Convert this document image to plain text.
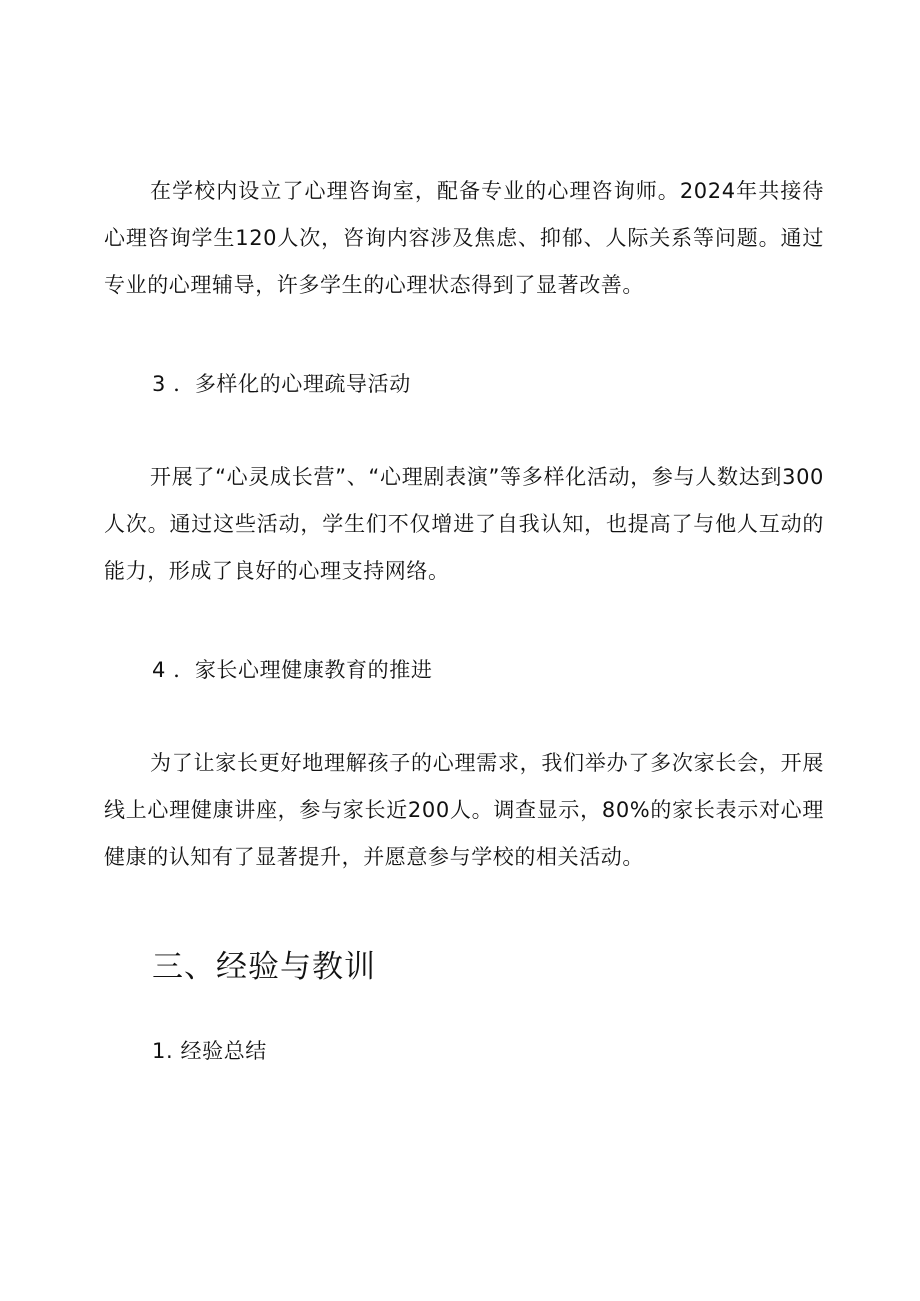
在学校内设立了心理咨询室，配备专业的心理咨询师。2024年共接待心理咨询学生120人次，咨询内容涉及焦虑、抑郁、人际关系等问题。通过专业的心理辅导，许多学生的心理状态得到了显著改善。

3 ．多样化的心理疏导活动

开展了“心灵成长营”、“心理剧表演”等多样化活动，参与人数达到300人次。通过这些活动，学生们不仅增进了自我认知，也提高了与他人互动的能力，形成了良好的心理支持网络。

4 ．家长心理健康教育的推进

为了让家长更好地理解孩子的心理需求，我们举办了多次家长会，开展线上心理健康讲座，参与家长近200人。调查显示，80%的家长表示对心理健康的认知有了显著提升，并愿意参与学校的相关活动。

三、经验与教训

1. 经验总结
